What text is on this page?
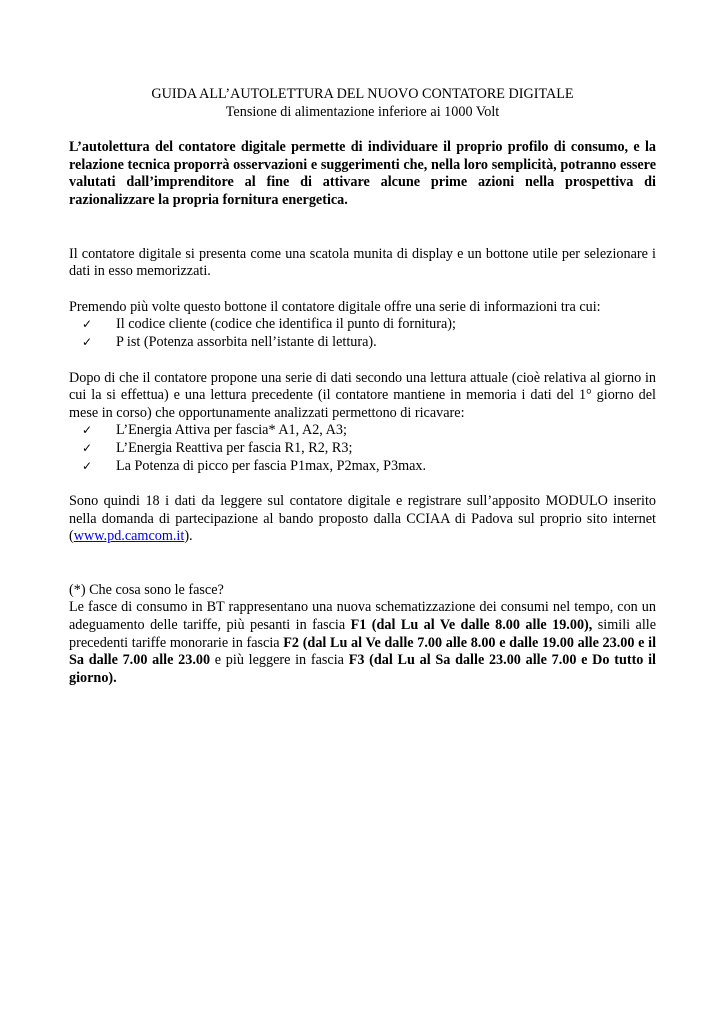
GUIDA ALL’AUTOLETTURA DEL NUOVO CONTATORE DIGITALE

Tensione di alimentazione inferiore ai 1000 Volt

L’autolettura del contatore digitale permette di individuare il proprio profilo di consumo, e la relazione tecnica proporrà osservazioni e suggerimenti che, nella loro semplicità, potranno essere valutati dall’imprenditore al fine di attivare alcune prime azioni nella prospettiva di razionalizzare la propria fornitura energetica.

Il contatore digitale si presenta come una scatola munita di display e un bottone utile per selezionare i dati in esso memorizzati.

Premendo più volte questo bottone il contatore digitale offre una serie di informazioni tra cui:

✓ Il codice cliente (codice che identifica il punto di fornitura);
✓ P ist (Potenza assorbita nell’istante di lettura).

Dopo di che il contatore propone una serie di dati secondo una lettura attuale (cioè relativa al giorno in cui la si effettua) e una lettura precedente (il contatore mantiene in memoria i dati del 1° giorno del mese in corso) che opportunamente analizzati permettono di ricavare:

✓ L’Energia Attiva per fascia* A1, A2, A3;
✓ L’Energia Reattiva per fascia R1, R2, R3;
✓ La Potenza di picco per fascia P1max, P2max, P3max.

Sono quindi 18 i dati da leggere sul contatore digitale e registrare sull’apposito MODULO inserito nella domanda di partecipazione al bando proposto dalla CCIAA di Padova sul proprio sito internet (www.pd.camcom.it).

(*) Che cosa sono le fasce?

Le fasce di consumo in BT rappresentano una nuova schematizzazione dei consumi nel tempo, con un adeguamento delle tariffe, più pesanti in fascia F1 (dal Lu al Ve dalle 8.00 alle 19.00), simili alle precedenti tariffe monorarie in fascia F2 (dal Lu al Ve dalle 7.00 alle 8.00 e dalle 19.00 alle 23.00 e il Sa dalle 7.00 alle 23.00 e più leggere in fascia F3 (dal Lu al Sa dalle 23.00 alle 7.00 e Do tutto il giorno).
